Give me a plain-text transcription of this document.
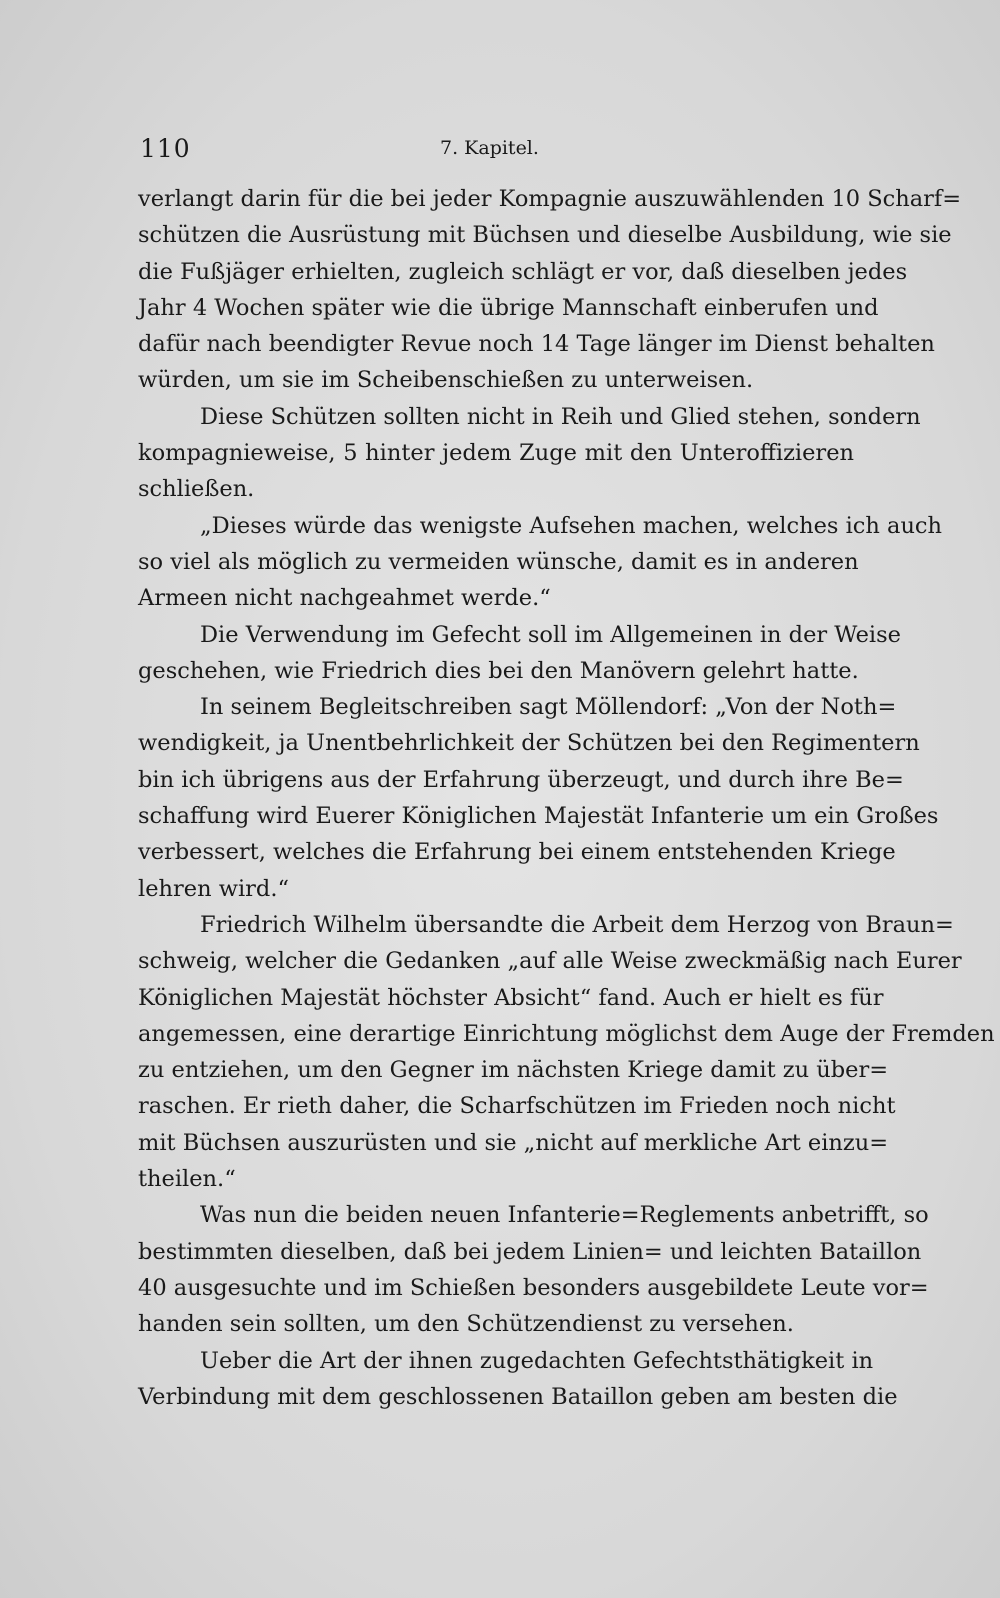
110	7. Kapitel.

verlangt darin für die bei jeder Kompagnie auszuwählenden 10 Scharf=
schützen die Ausrüstung mit Büchsen und dieselbe Ausbildung, wie sie
die Fußjäger erhielten, zugleich schlägt er vor, daß dieselben jedes
Jahr 4 Wochen später wie die übrige Mannschaft einberufen und
dafür nach beendigter Revue noch 14 Tage länger im Dienst behalten
würden, um sie im Scheibenschießen zu unterweisen.

Diese Schützen sollten nicht in Reih und Glied stehen, sondern
kompagnieweise, 5 hinter jedem Zuge mit den Unteroffizieren
schließen.

„Dieses würde das wenigste Aufsehen machen, welches ich auch
so viel als möglich zu vermeiden wünsche, damit es in anderen
Armeen nicht nachgeahmet werde.“

Die Verwendung im Gefecht soll im Allgemeinen in der Weise
geschehen, wie Friedrich dies bei den Manövern gelehrt hatte.

In seinem Begleitschreiben sagt Möllendorf: „Von der Noth=
wendigkeit, ja Unentbehrlichkeit der Schützen bei den Regimentern
bin ich übrigens aus der Erfahrung überzeugt, und durch ihre Be=
schaffung wird Euerer Königlichen Majestät Infanterie um ein Großes
verbessert, welches die Erfahrung bei einem entstehenden Kriege
lehren wird.“

Friedrich Wilhelm übersandte die Arbeit dem Herzog von Braun=
schweig, welcher die Gedanken „auf alle Weise zweckmäßig nach Eurer
Königlichen Majestät höchster Absicht“ fand. Auch er hielt es für
angemessen, eine derartige Einrichtung möglichst dem Auge der Fremden
zu entziehen, um den Gegner im nächsten Kriege damit zu über=
raschen. Er rieth daher, die Scharfschützen im Frieden noch nicht
mit Büchsen auszurüsten und sie „nicht auf merkliche Art einzu=
theilen.“

Was nun die beiden neuen Infanterie=Reglements anbetrifft, so
bestimmten dieselben, daß bei jedem Linien= und leichten Bataillon
40 ausgesuchte und im Schießen besonders ausgebildete Leute vor=
handen sein sollten, um den Schützendienst zu versehen.

Ueber die Art der ihnen zugedachten Gefechtsthätigkeit in
Verbindung mit dem geschlossenen Bataillon geben am besten die
